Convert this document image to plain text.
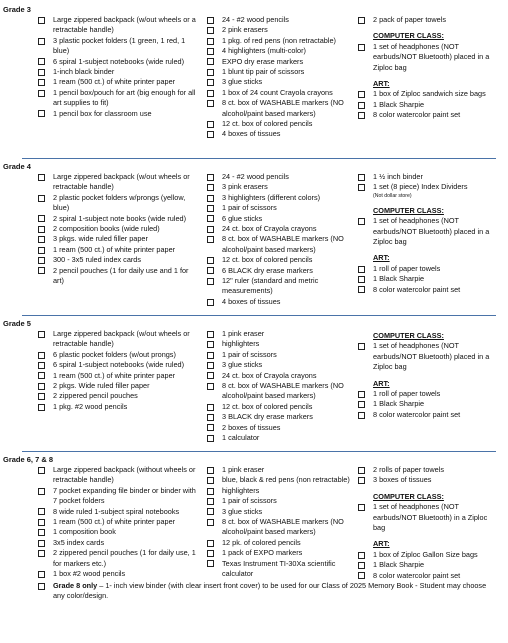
Grade 3
Large zippered backpack (w/out wheels or a retractable handle)
3 plastic pocket folders (1 green, 1 red, 1 blue)
6 spiral 1-subject notebooks (wide ruled)
1-inch black binder
1 ream (500 ct.) of white printer paper
1 pencil box/pouch for art (big enough for all art supplies to fit)
1 pencil box for classroom use
24 - #2 wood pencils
2 pink erasers
1 pkg. of red pens (non retractable)
4 highlighters (multi-color)
EXPO dry erase markers
1 blunt tip pair of scissors
3 glue sticks
1 box of 24 count Crayola crayons
8 ct. box of WASHABLE markers (NO alcohol/paint based markers)
12 ct. box of colored pencils
4 boxes of tissues
2 pack of paper towels
COMPUTER CLASS:
1 set of headphones (NOT earbuds/NOT Bluetooth) placed in a Ziploc bag
ART:
1 box of Ziploc sandwich size bags
1 Black Sharpie
8 color watercolor paint set
Grade 4
Large zippered backpack (w/out wheels or retractable handle)
2 plastic pocket folders w/prongs (yellow, blue)
2 spiral 1-subject note books (wide ruled)
2 composition books (wide ruled)
3 pkgs. wide ruled filler paper
1 ream (500 ct.) of white printer paper
300 - 3x5 ruled index cards
2 pencil pouches (1 for daily use and 1 for art)
24 - #2 wood pencils
3 pink erasers
3 highlighters (different colors)
1 pair of scissors
6 glue sticks
24 ct. box of Crayola crayons
8 ct. box of WASHABLE markers (NO alcohol/paint based markers)
12 ct. box of colored pencils
6 BLACK dry erase markers
12" ruler (standard and metric measurements)
4 boxes of tissues
1 ½ inch binder
1 set (8 piece) Index Dividers
(Not dollar store)
COMPUTER CLASS:
1 set of headphones (NOT earbuds/NOT Bluetooth) placed in a Ziploc bag
ART:
1 roll of paper towels
1 Black Sharpie
8 color watercolor paint set
Grade 5
Large zippered backpack (w/out wheels or retractable handle)
6 plastic pocket folders (w/out prongs)
6 spiral 1-subject notebooks (wide ruled)
1 ream (500 ct.) of white printer paper
2 pkgs. Wide ruled filler paper
2 zippered pencil pouches
1 pkg. #2 wood pencils
1 pink eraser
highlighters
1 pair of scissors
3 glue sticks
24 ct. box of Crayola crayons
8 ct. box of WASHABLE markers (NO alcohol/paint based markers)
12 ct. box of colored pencils
3 BLACK dry erase markers
2 boxes of tissues
1 calculator
COMPUTER CLASS:
1 set of headphones (NOT earbuds/NOT Bluetooth) placed in a Ziploc bag
ART:
1 roll of paper towels
1 Black Sharpie
8 color watercolor paint set
Grade 6, 7 & 8
Large zippered backpack (without wheels or retractable handle)
7 pocket expanding file binder or binder with 7 pocket folders
8 wide ruled 1-subject spiral notebooks
1 ream (500 ct.) of white printer paper
1 composition book
3x5 index cards
2 zippered pencil pouches (1 for daily use, 1 for markers etc.)
1 box #2 wood pencils
1 pink eraser
blue, black & red pens (non retractable)
highlighters
1 pair of scissors
3 glue sticks
8 ct. box of WASHABLE markers (NO alcohol/paint based markers)
12 pk. of colored pencils
1 pack of EXPO markers
Texas Instrument TI-30Xa scientific calculator
2 rolls of paper towels
3 boxes of tissues
COMPUTER CLASS:
1 set of headphones (NOT earbuds/NOT Bluetooth) in a Ziploc bag
ART:
1 box of Ziploc Gallon Size bags
1 Black Sharpie
8 color watercolor paint set
Grade 8 only – 1- inch view binder (with clear insert front cover) to be used for our Class of 2025 Memory Book - Student may choose any color/design.
